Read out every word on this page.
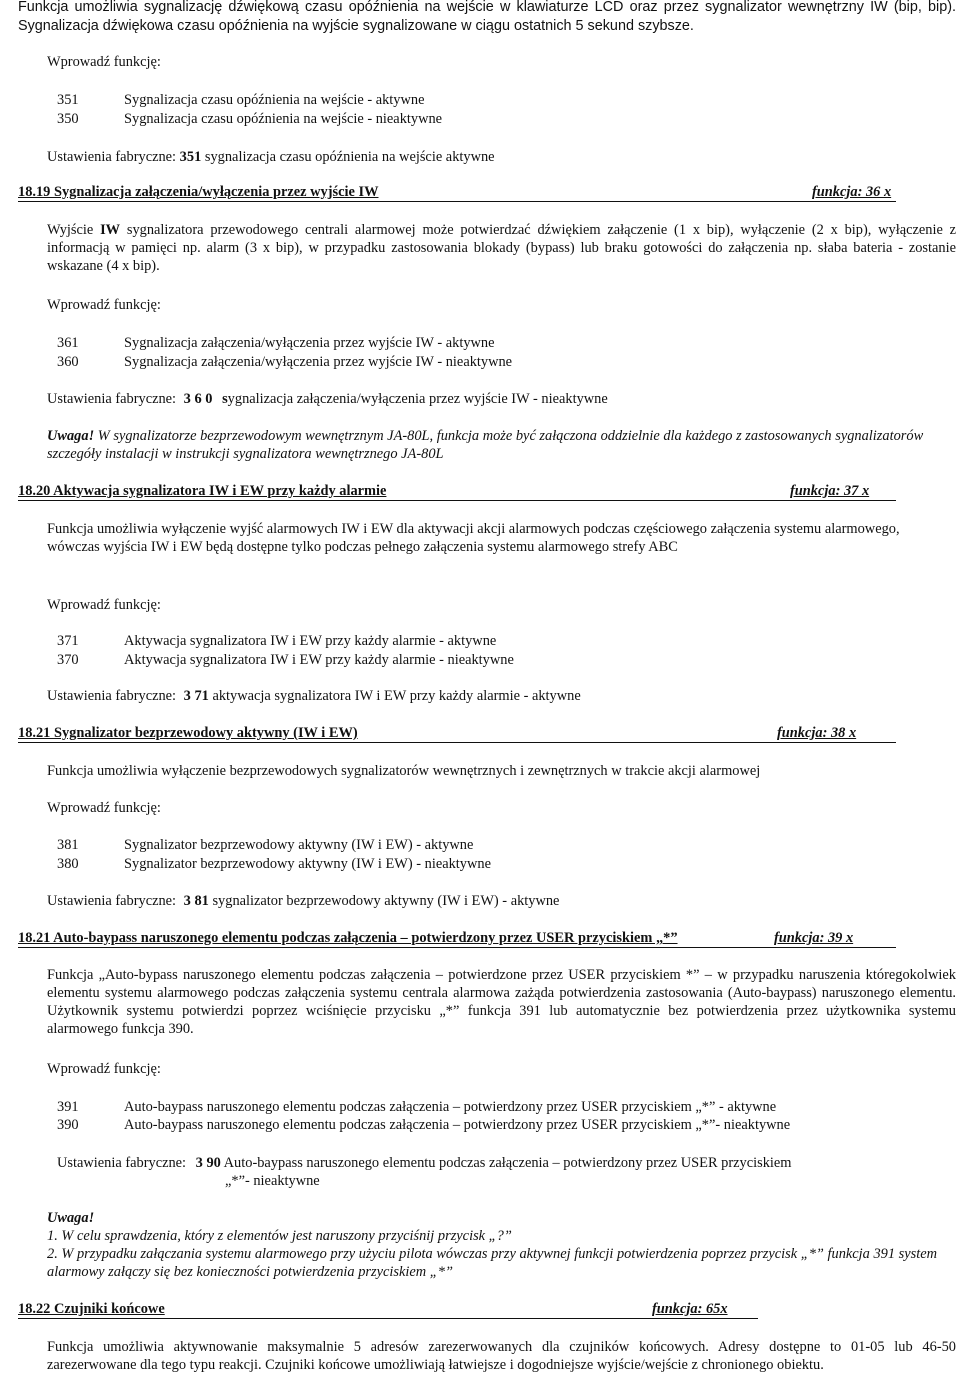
Funkcja umożliwia sygnalizację dźwiękową czasu opóźnienia na wejście w klawiaturze LCD oraz przez sygnalizator wewnętrzny IW (bip, bip). Sygnalizacja dźwiękowa czasu opóźnienia na wyjście sygnalizowane w ciągu ostatnich 5 sekund szybsze.
Wprowadź funkcję:
351	Sygnalizacja czasu opóźnienia na wejście - aktywne
350	Sygnalizacja czasu opóźnienia na wejście - nieaktywne
Ustawienia fabryczne: 351 sygnalizacja czasu opóźnienia na wejście aktywne
18.19 Sygnalizacja załączenia/wyłączenia przez wyjście IW	funkcja: 36 x
Wyjście IW sygnalizatora przewodowego centrali alarmowej może potwierdzać dźwiękiem załączenie (1 x bip), wyłączenie (2 x bip), wyłączenie z informacją w pamięci np. alarm (3 x bip), w przypadku zastosowania blokady (bypass) lub braku gotowości do załączenia np. słaba bateria - zostanie wskazane (4 x bip).
Wprowadź funkcję:
361	Sygnalizacja załączenia/wyłączenia przez wyjście IW - aktywne
360	Sygnalizacja załączenia/wyłączenia przez wyjście IW - nieaktywne
Ustawienia fabryczne: 3 6 0 sygnalizacja załączenia/wyłączenia przez wyjście IW - nieaktywne
Uwaga! W sygnalizatorze bezprzewodowym wewnętrznym JA-80L, funkcja może być załączona oddzielnie dla każdego z zastosowanych sygnalizatorów szczegóły instalacji w instrukcji sygnalizatora wewnętrznego JA-80L
18.20 Aktywacja sygnalizatora IW i EW przy każdy alarmie	funkcja: 37 x
Funkcja umożliwia wyłączenie wyjść alarmowych IW i EW dla aktywacji akcji alarmowych podczas częściowego załączenia systemu alarmowego, wówczas wyjścia IW i EW będą dostępne tylko podczas pełnego załączenia systemu alarmowego strefy ABC
Wprowadź funkcję:
371	Aktywacja sygnalizatora IW i EW przy każdy alarmie - aktywne
370	Aktywacja sygnalizatora IW i EW przy każdy alarmie - nieaktywne
Ustawienia fabryczne: 3 71 aktywacja sygnalizatora IW i EW przy każdy alarmie - aktywne
18.21 Sygnalizator bezprzewodowy aktywny (IW i EW)	funkcja: 38 x
Funkcja umożliwia wyłączenie bezprzewodowych sygnalizatorów wewnętrznych i zewnętrznych w trakcie akcji alarmowej
Wprowadź funkcję:
381	Sygnalizator bezprzewodowy aktywny (IW i EW) - aktywne
380	Sygnalizator bezprzewodowy aktywny (IW i EW) - nieaktywne
Ustawienia fabryczne: 3 81 sygnalizator bezprzewodowy aktywny (IW i EW) - aktywne
18.21 Auto-baypass naruszonego elementu podczas załączenia – potwierdzony przez USER przyciskiem „*”	funkcja: 39 x
Funkcja „Auto-bypass naruszonego elementu podczas załączenia – potwierdzone przez USER przyciskiem *” – w przypadku naruszenia któregokolwiek elementu systemu alarmowego podczas załączenia systemu centrala alarmowa zażąda potwierdzenia zastosowania (Auto-baypass) naruszonego elementu. Użytkownik systemu potwierdzi poprzez wciśnięcie przycisku „*” funkcja 391 lub automatycznie bez potwierdzenia przez użytkownika systemu alarmowego funkcja 390.
Wprowadź funkcję:
391	Auto-baypass naruszonego elementu podczas załączenia – potwierdzony przez USER przyciskiem „*” - aktywne
390	Auto-baypass naruszonego elementu podczas załączenia – potwierdzony przez USER przyciskiem „*”- nieaktywne
Ustawienia fabryczne: 3 90 Auto-baypass naruszonego elementu podczas załączenia – potwierdzony przez USER przyciskiem
„*”- nieaktywne
Uwaga!
1. W celu sprawdzenia, który z elementów jest naruszony przyciśnij przycisk „?”
2. W przypadku załączania systemu alarmowego przy użyciu pilota wówczas przy aktywnej funkcji potwierdzenia poprzez przycisk „*” funkcja 391 system alarmowy załączy się bez konieczności potwierdzenia przyciskiem „*”
18.22 Czujniki końcowe	funkcja: 65x
Funkcja umożliwia aktywnowanie maksymalnie 5 adresów zarezerwowanych dla czujników końcowych. Adresy dostępne to 01-05 lub 46-50 zarezerwowane dla tego typu reakcji. Czujniki końcowe umożliwiają łatwiejsze i dogodniejsze wyjście/wejście z chronionego obiektu.
